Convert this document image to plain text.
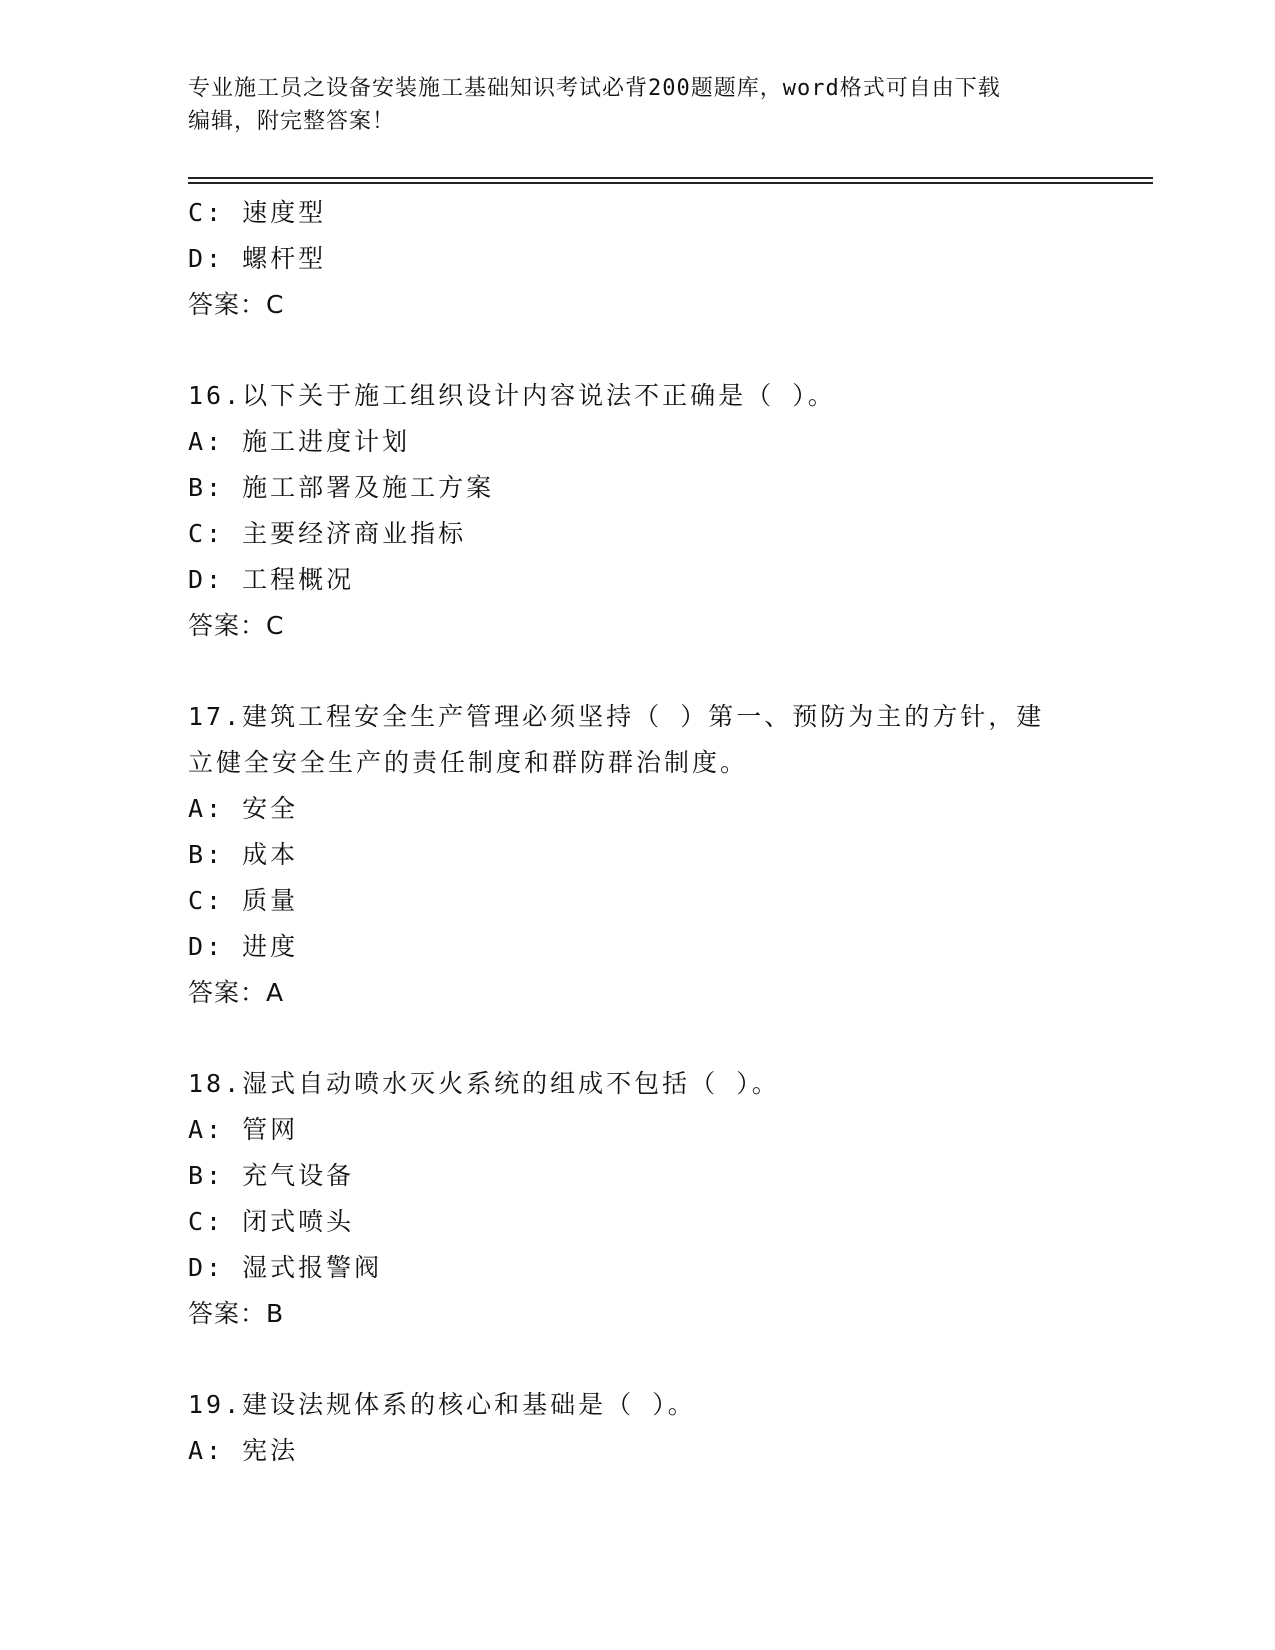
专业施工员之设备安装施工基础知识考试必背200题题库，word格式可自由下载
编辑，附完整答案！
C: 速度型
D: 螺杆型
答案：C
16.以下关于施工组织设计内容说法不正确是（ ）。
A: 施工进度计划
B: 施工部署及施工方案
C: 主要经济商业指标
D: 工程概况
答案：C
17.建筑工程安全生产管理必须坚持（ ）第一、预防为主的方针，建
立健全安全生产的责任制度和群防群治制度。
A: 安全
B: 成本
C: 质量
D: 进度
答案：A
18.湿式自动喷水灭火系统的组成不包括（ ）。
A: 管网
B: 充气设备
C: 闭式喷头
D: 湿式报警阀
答案：B
19.建设法规体系的核心和基础是（ ）。
A: 宪法
